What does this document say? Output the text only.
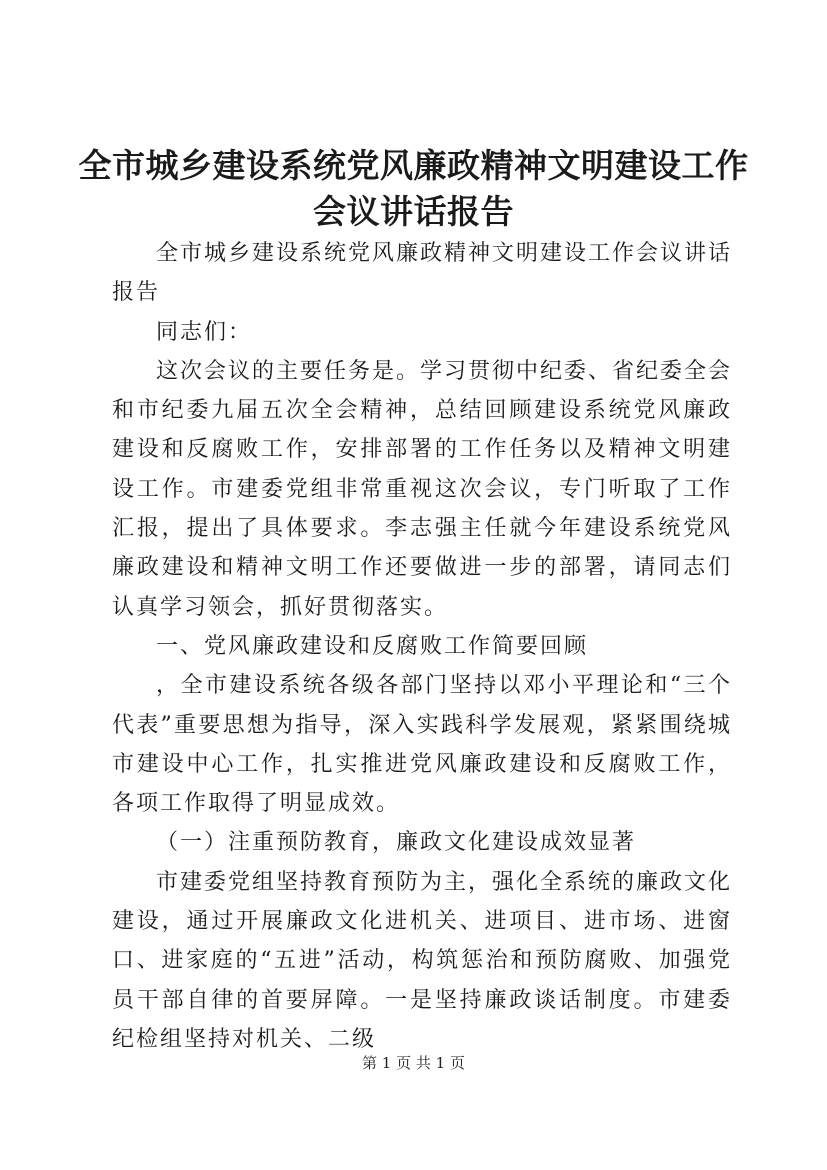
全市城乡建设系统党风廉政精神文明建设工作
会议讲话报告

全市城乡建设系统党风廉政精神文明建设工作会议讲话报告

同志们：

这次会议的主要任务是。学习贯彻中纪委、省纪委全会和市纪委九届五次全会精神，总结回顾建设系统党风廉政建设和反腐败工作，安排部署的工作任务以及精神文明建设工作。市建委党组非常重视这次会议，专门听取了工作汇报，提出了具体要求。李志强主任就今年建设系统党风廉政建设和精神文明工作还要做进一步的部署，请同志们认真学习领会，抓好贯彻落实。

一、党风廉政建设和反腐败工作简要回顾

，全市建设系统各级各部门坚持以邓小平理论和“三个代表”重要思想为指导，深入实践科学发展观，紧紧围绕城市建设中心工作，扎实推进党风廉政建设和反腐败工作，各项工作取得了明显成效。

（一）注重预防教育，廉政文化建设成效显著

市建委党组坚持教育预防为主，强化全系统的廉政文化建设，通过开展廉政文化进机关、进项目、进市场、进窗口、进家庭的“五进”活动，构筑惩治和预防腐败、加强党员干部自律的首要屏障。一是坚持廉政谈话制度。市建委纪检组坚持对机关、二级

第 1 页 共 1 页
